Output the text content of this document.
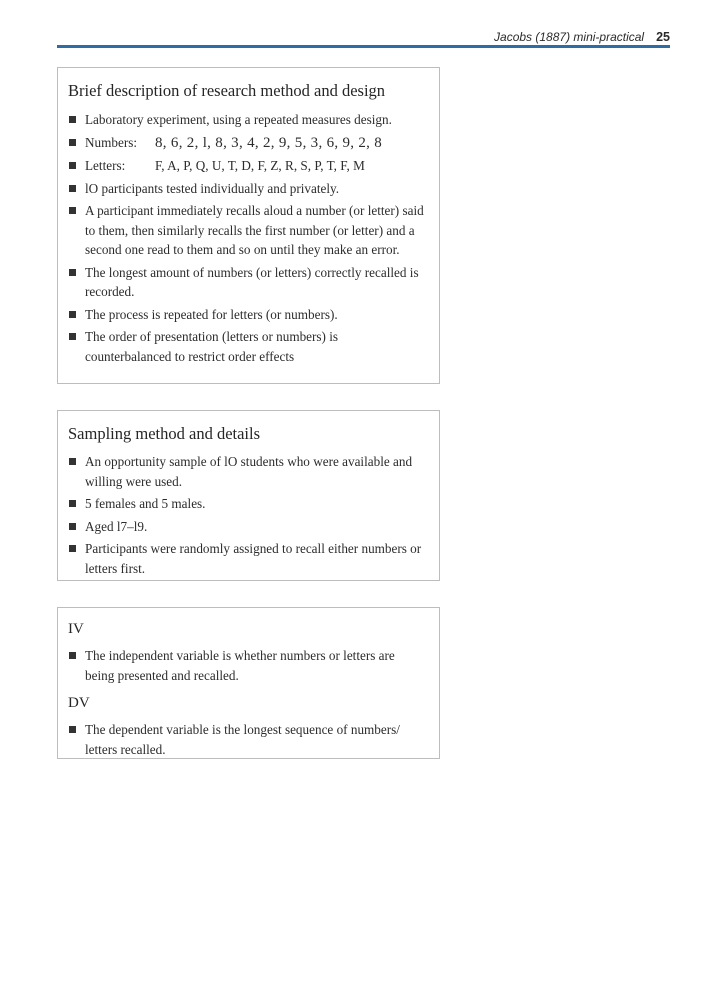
Jacobs (1887) mini-practical 25
Brief description of research method and design
Laboratory experiment, using a repeated measures design.
Numbers: 8, 6, 2, l, 8, 3, 4, 2, 9, 5, 3, 6, 9, 2, 8
Letters: F, A, P, Q, U, T, D, F, Z, R, S, P, T, F, M
lO participants tested individually and privately.
A participant immediately recalls aloud a number (or letter) said to them, then similarly recalls the first number (or letter) and a second one read to them and so on until they make an error.
The longest amount of numbers (or letters) correctly recalled is recorded.
The process is repeated for letters (or numbers).
The order of presentation (letters or numbers) is counterbalanced to restrict order effects
Sampling method and details
An opportunity sample of lO students who were available and willing were used.
5 females and 5 males.
Aged l7–l9.
Participants were randomly assigned to recall either numbers or letters first.
IV
The independent variable is whether numbers or letters are being presented and recalled.
DV
The dependent variable is the longest sequence of numbers/ letters recalled.
